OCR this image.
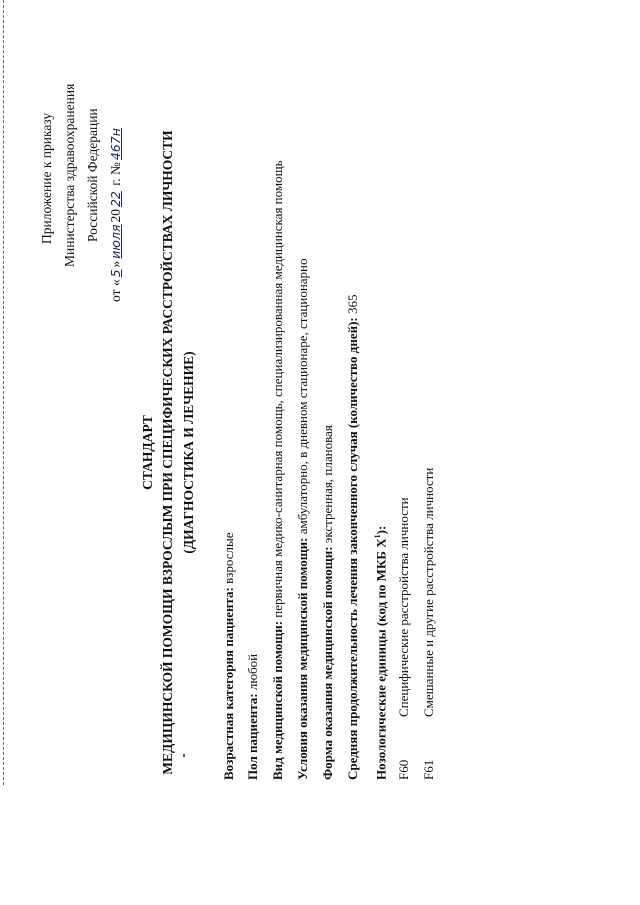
Приложение к приказу Министерства здравоохранения Российской Федерации
от «5»июля2022 г. №467н
СТАНДАРТ МЕДИЦИНСКОЙ ПОМОЩИ ВЗРОСЛЫМ ПРИ СПЕЦИФИЧЕСКИХ РАССТРОЙСТВАХ ЛИЧНОСТИ (ДИАГНОСТИКА И ЛЕЧЕНИЕ)
Возрастная категория пациента: взрослые
Пол пациента: любой Вид медицинской помощи: первичная медико-санитарная помощь, специализированная медицинская помощь
Условия оказания медицинской помощи: амбулаторно, в дневном стационаре, стационарно
Форма оказания медицинской помощи: экстренная, плановая Средняя продолжительность лечения законченного случая (количество дней): 365
Нозологические единицы (код по МКБ $X^1$):
F60
Специфические расстройства личности
F61
Смешанные и другие расстройства личности
